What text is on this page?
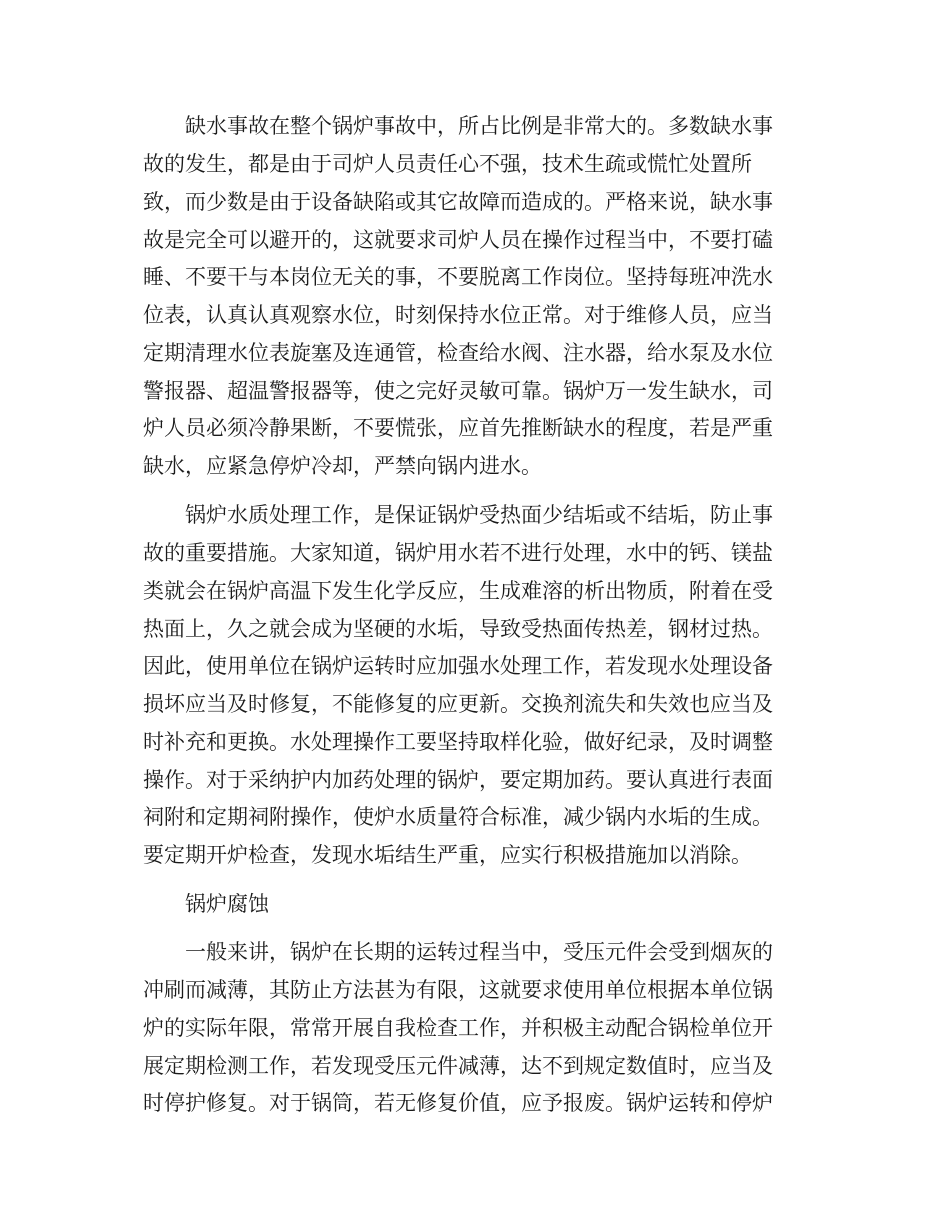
缺水事故在整个锅炉事故中，所占比例是非常大的。多数缺水事
故的发生，都是由于司炉人员责任心不强，技术生疏或慌忙处置所
致，而少数是由于设备缺陷或其它故障而造成的。严格来说，缺水事
故是完全可以避开的，这就要求司炉人员在操作过程当中，不要打磕
睡、不要干与本岗位无关的事，不要脱离工作岗位。坚持每班冲洗水
位表，认真认真观察水位，时刻保持水位正常。对于维修人员，应当
定期清理水位表旋塞及连通管，检查给水阀、注水器，给水泵及水位
警报器、超温警报器等，使之完好灵敏可靠。锅炉万一发生缺水，司
炉人员必须冷静果断，不要慌张，应首先推断缺水的程度，若是严重
缺水，应紧急停炉冷却，严禁向锅内进水。
锅炉水质处理工作，是保证锅炉受热面少结垢或不结垢，防止事
故的重要措施。大家知道，锅炉用水若不进行处理，水中的钙、镁盐
类就会在锅炉高温下发生化学反应，生成难溶的析出物质，附着在受
热面上，久之就会成为坚硬的水垢，导致受热面传热差，钢材过热。
因此，使用单位在锅炉运转时应加强水处理工作，若发现水处理设备
损坏应当及时修复，不能修复的应更新。交换剂流失和失效也应当及
时补充和更换。水处理操作工要坚持取样化验，做好纪录，及时调整
操作。对于采纳护内加药处理的锅炉，要定期加药。要认真进行表面
祠附和定期祠附操作，使炉水质量符合标准，减少锅内水垢的生成。
要定期开炉检查，发现水垢结生严重，应实行积极措施加以消除。
锅炉腐蚀
一般来讲，锅炉在长期的运转过程当中，受压元件会受到烟灰的
冲刷而减薄，其防止方法甚为有限，这就要求使用单位根据本单位锅
炉的实际年限，常常开展自我检查工作，并积极主动配合锅检单位开
展定期检测工作，若发现受压元件减薄，达不到规定数值时，应当及
时停护修复。对于锅筒，若无修复价值，应予报废。锅炉运转和停炉
